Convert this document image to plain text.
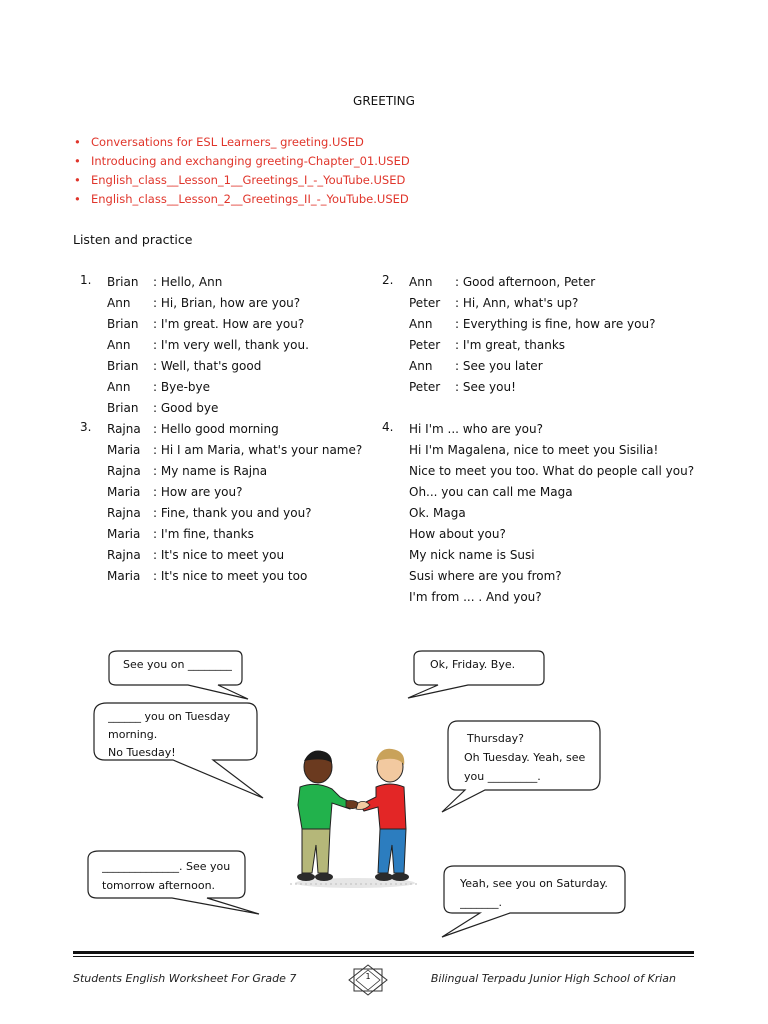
GREETING
• Conversations for ESL Learners_ greeting.USED
• Introducing and exchanging greeting-Chapter_01.USED
• English_class__Lesson_1__Greetings_I_-_YouTube.USED
• English_class__Lesson_2__Greetings_II_-_YouTube.USED
Listen and practice
1. Brian : Hello, Ann
Ann : Hi, Brian, how are you?
Brian : I'm great. How are you?
Ann : I'm very well, thank you.
Brian : Well, that's good
Ann : Bye-bye
Brian : Good bye
2. Ann : Good afternoon, Peter
Peter : Hi, Ann, what's up?
Ann : Everything is fine, how are you?
Peter : I'm great, thanks
Ann : See you later
Peter : See you!
3. Rajna : Hello good morning
Maria : Hi I am Maria, what's your name?
Rajna : My name is Rajna
Maria : How are you?
Rajna : Fine, thank you and you?
Maria : I'm fine, thanks
Rajna : It's nice to meet you
Maria : It's nice to meet you too
4. Hi I'm ... who are you?
Hi I'm Magalena, nice to meet you Sisilia!
Nice to meet you too. What do people call you?
Oh... you can call me Maga
Ok. Maga
How about you?
My nick name is Susi
Susi where are you from?
I'm from ... . And you?
See you on ________	Ok, Friday. Bye.
______ you on Tuesday
morning.
No Tuesday!
Thursday?
Oh Tuesday. Yeah, see
you _________.
______________. See you
tomorrow afternoon.	Yeah, see you on Saturday.
_______.
Students English Worksheet For Grade 7	1	Bilingual Terpadu Junior High School of Krian
